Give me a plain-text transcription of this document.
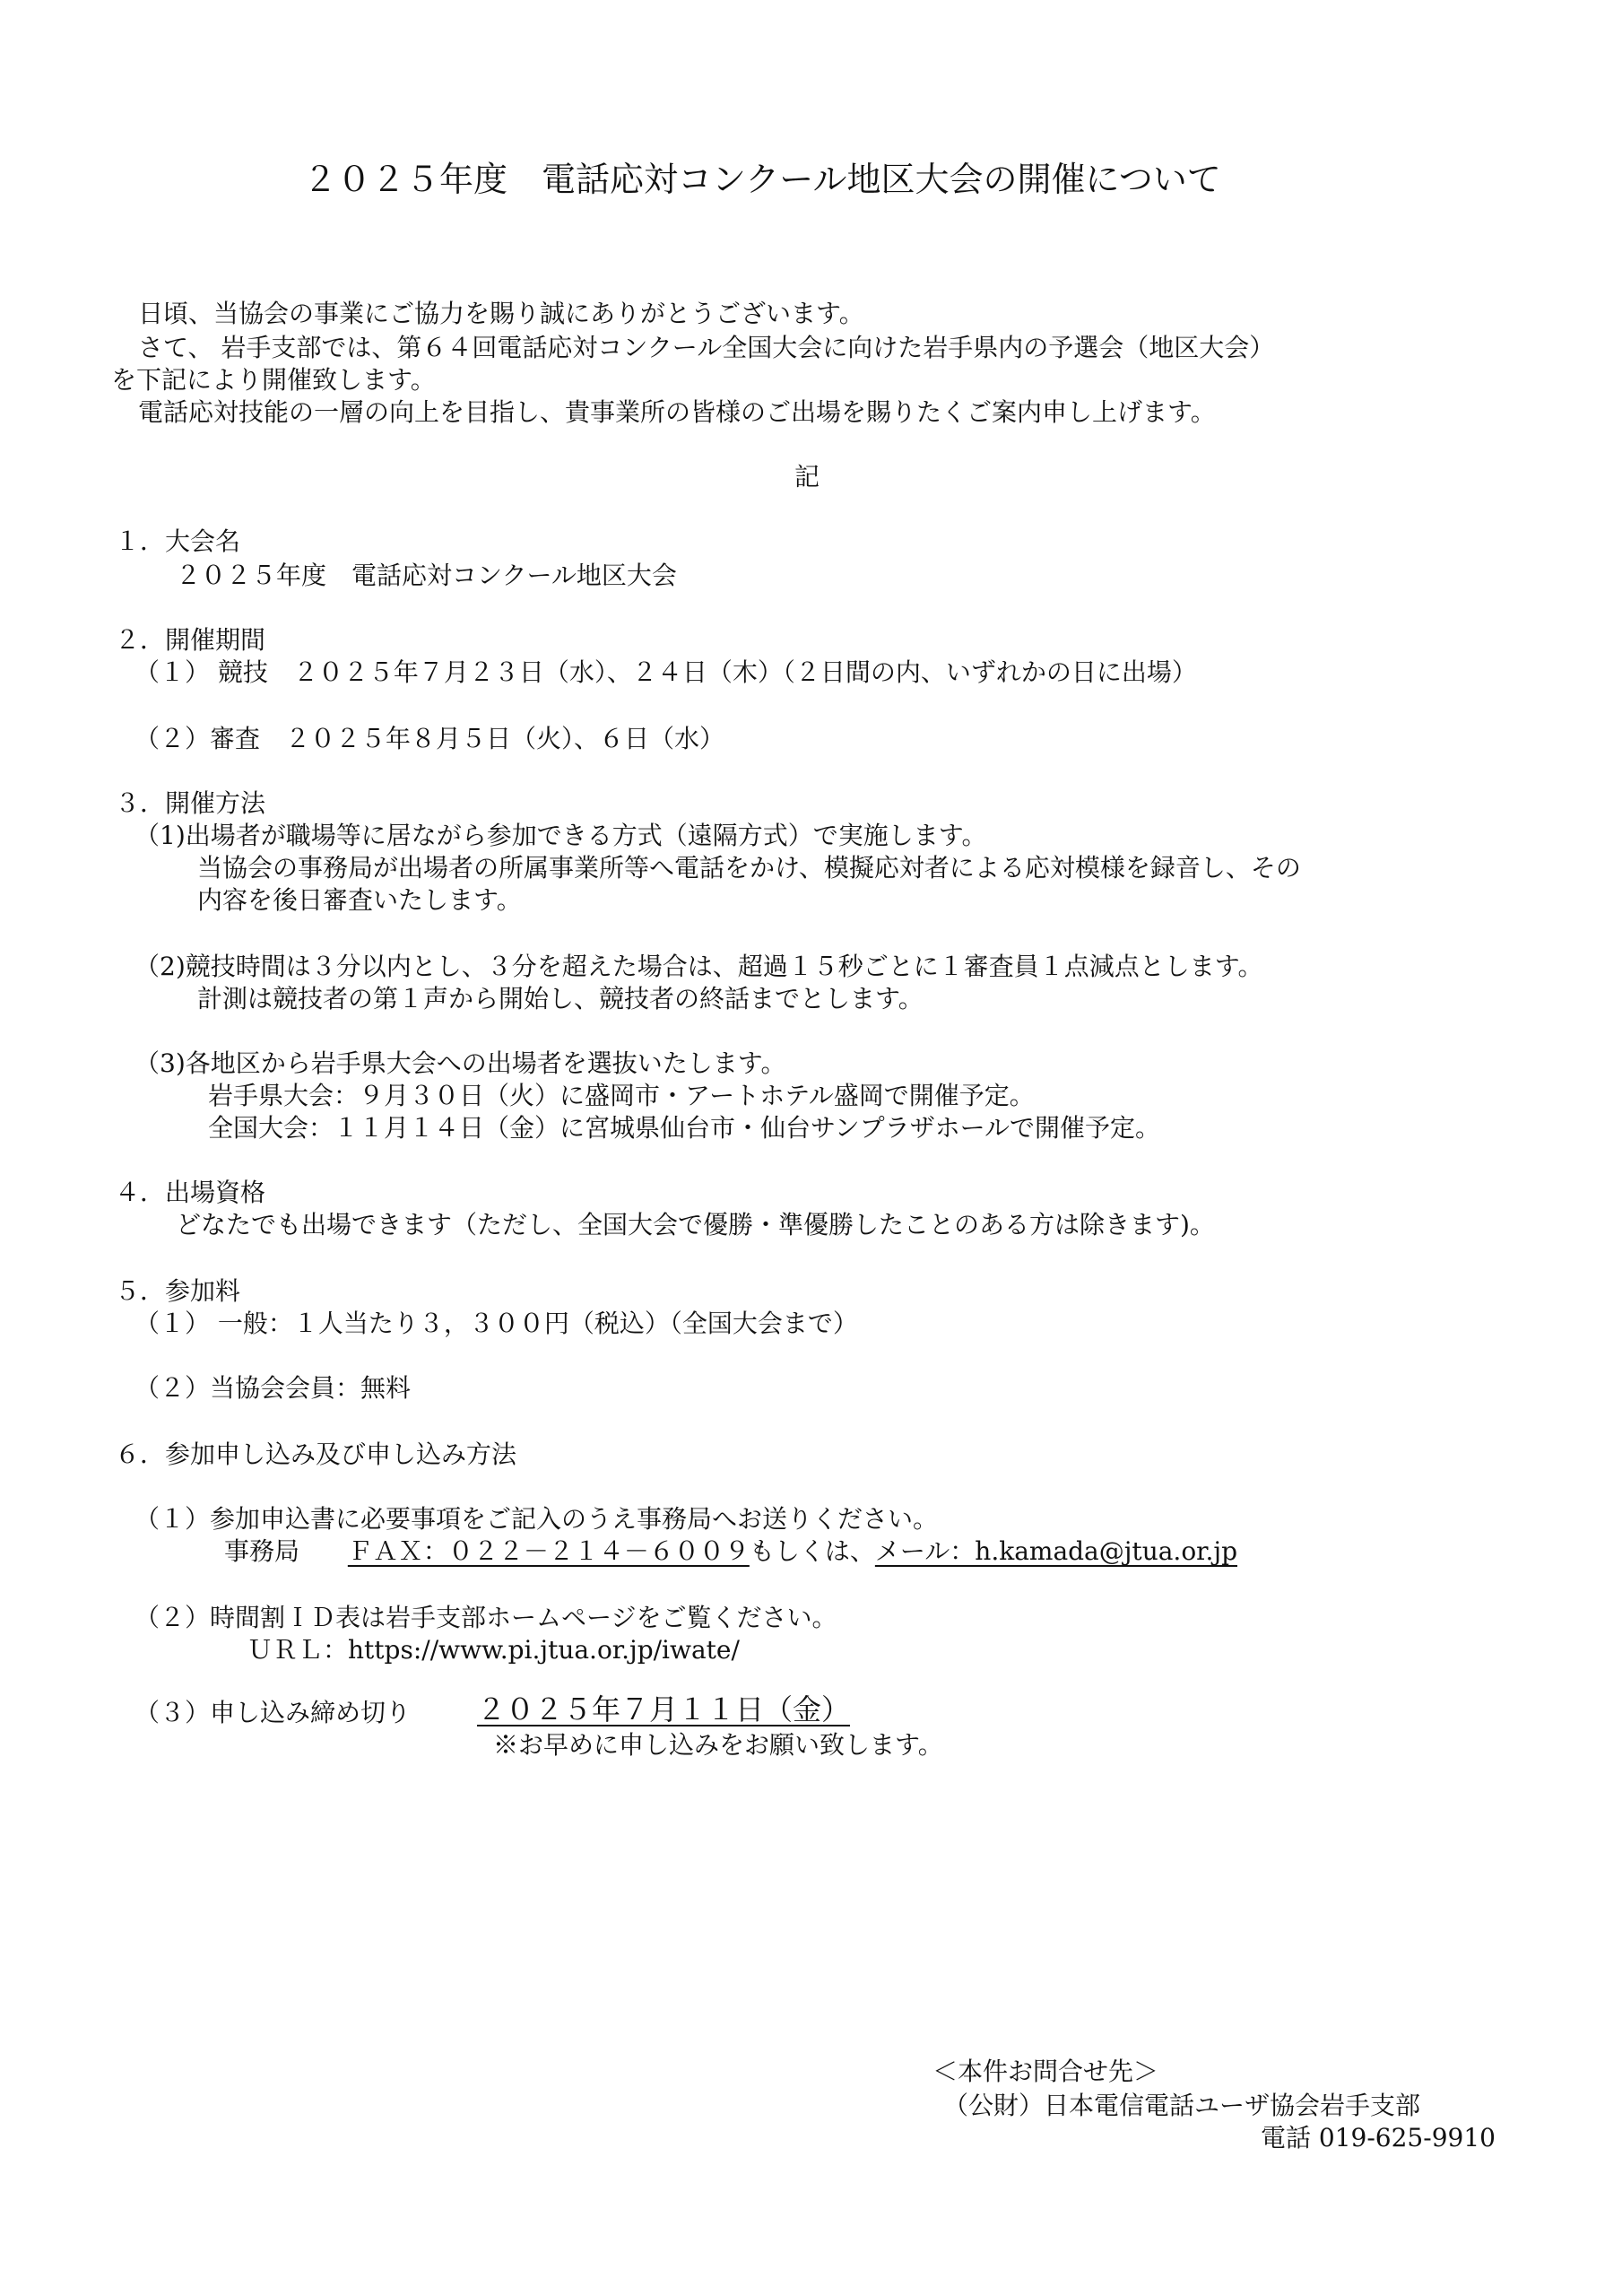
２０２５年度　電話応対コンクール地区大会の開催について
日頃、当協会の事業にご協力を賜り誠にありがとうございます。
さて、 岩手支部では、第６４回電話応対コンクール全国大会に向けた岩手県内の予選会（地区大会）
を下記により開催致します。
電話応対技能の一層の向上を目指し、貴事業所の皆様のご出場を賜りたくご案内申し上げます。
記
１．大会名
２０２５年度　電話応対コンクール地区大会
２．開催期間
（１） 競技　２０２５年７月２３日（水）、２４日（木）（２日間の内、いずれかの日に出場）
（２）審査　２０２５年８月５日（火）、６日（水）
３．開催方法
（1)出場者が職場等に居ながら参加できる方式（遠隔方式）で実施します。
当協会の事務局が出場者の所属事業所等へ電話をかけ、模擬応対者による応対模様を録音し、その
内容を後日審査いたします。
（2)競技時間は３分以内とし、３分を超えた場合は、超過１５秒ごとに１審査員１点減点とします。
計測は競技者の第１声から開始し、競技者の終話までとします。
（3)各地区から岩手県大会への出場者を選抜いたします。
岩手県大会：９月３０日（火）に盛岡市・アートホテル盛岡で開催予定。
全国大会：１１月１４日（金）に宮城県仙台市・仙台サンプラザホールで開催予定。
４．出場資格
どなたでも出場できます（ただし、全国大会で優勝・準優勝したことのある方は除きます)。
５．参加料
（１） 一般：１人当たり３，３００円（税込）（全国大会まで）
（２）当協会会員：無料
６．参加申し込み及び申し込み方法
（１）参加申込書に必要事項をご記入のうえ事務局へお送りください。
事務局 ＦＡＸ：０２２－２１４－６００９もしくは、メール：h.kamada@jtua.or.jp
（２）時間割ＩＤ表は岩手支部ホームページをご覧ください。
ＵＲＬ：https://www.pi.jtua.or.jp/iwate/
（３）申し込み締め切り ２０２５年７月１１日（金）
※お早めに申し込みをお願い致します。
＜本件お問合せ先＞
（公財）日本電信電話ユーザ協会岩手支部
電話 019-625-9910
